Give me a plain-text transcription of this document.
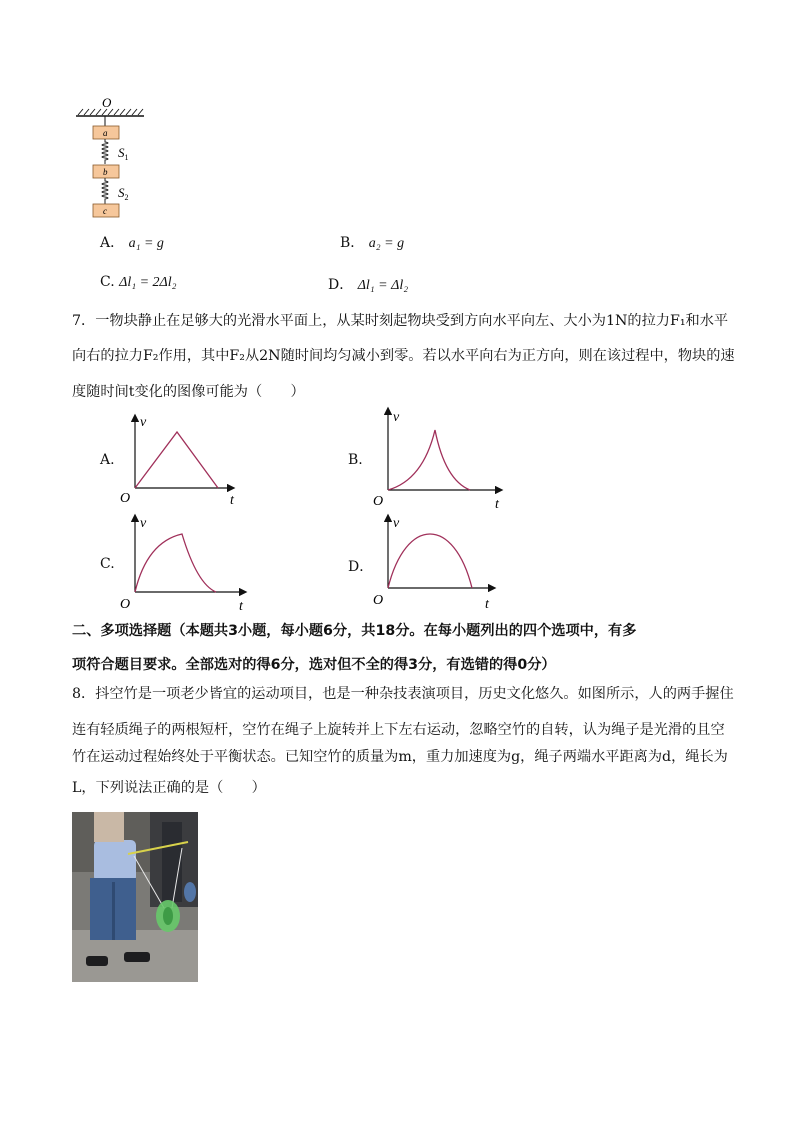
O
a
$S_1$
b
$S_2$
c
A． a₁ = g	B． a₂ = g
C. Δl₁ = 2Δl₂	D． Δl₁ = Δl₂
7．一物块静止在足够大的光滑水平面上，从某时刻起物块受到方向水平向左、大小为1N的拉力F₁和水平
向右的拉力F₂作用，其中F₂从2N随时间均匀减小到零。若以水平向右为正方向，则在该过程中，物块的速
度随时间t变化的图像可能为（　　）
A.	B.
C.	D．
v
O	t
v
O	t
v
O	t
v
O	t
二、多项选择题（本题共3小题，每小题6分，共18分。在每小题列出的四个选项中，有多
项符合题目要求。全部选对的得6分，选对但不全的得3分，有选错的得0分）
8．抖空竹是一项老少皆宜的运动项目，也是一种杂技表演项目，历史文化悠久。如图所示，人的两手握住
连有轻质绳子的两根短杆，空竹在绳子上旋转并上下左右运动，忽略空竹的自转，认为绳子是光滑的且空
竹在运动过程始终处于平衡状态。已知空竹的质量为m，重力加速度为g，绳子两端水平距离为d，绳长为
L，下列说法正确的是（　　）
